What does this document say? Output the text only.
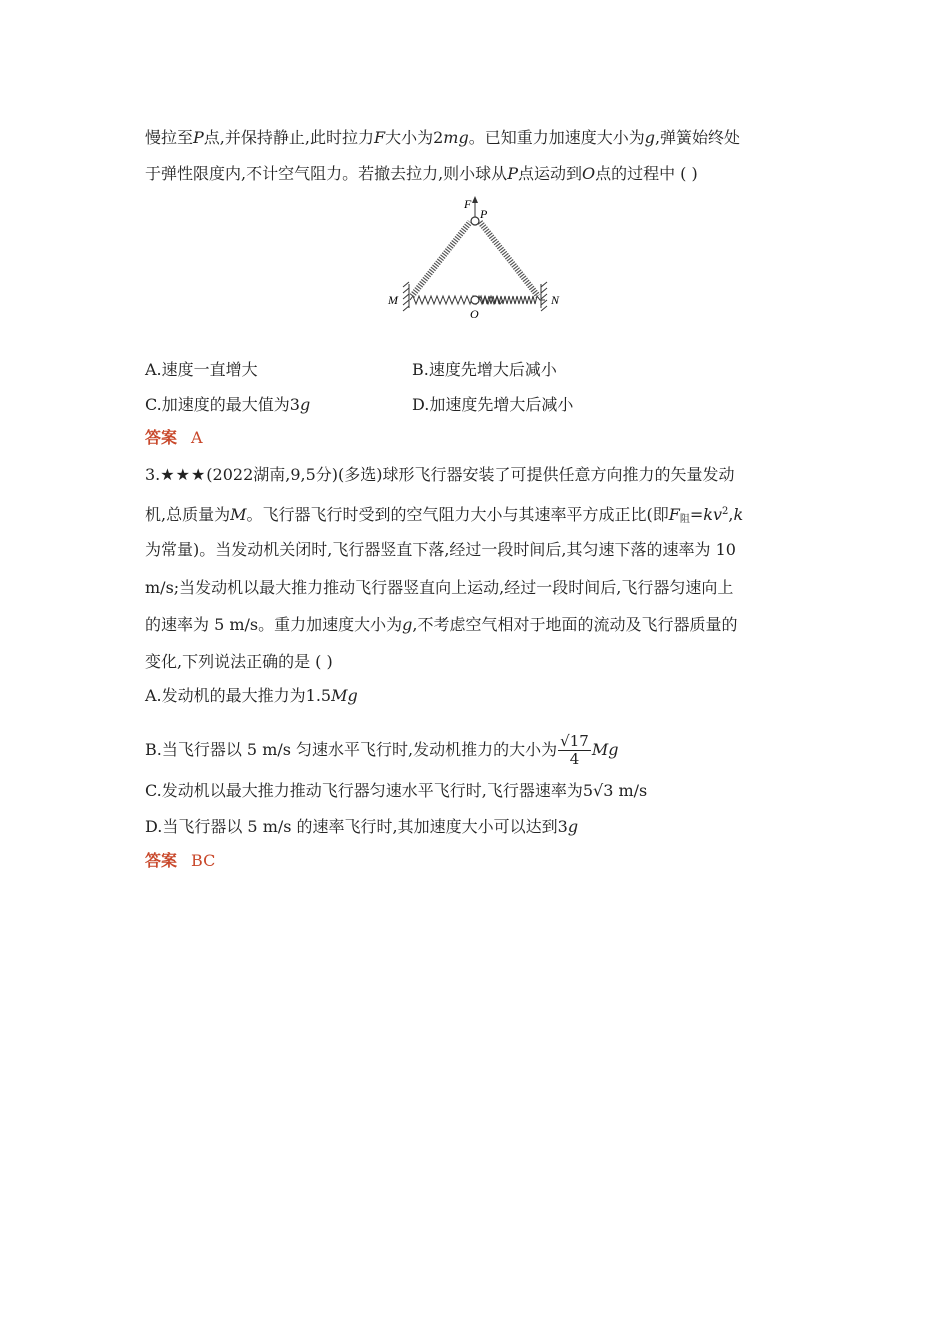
慢拉至P点,并保持静止,此时拉力F大小为2mg。已知重力加速度大小为g,弹簧始终处
于弹性限度内,不计空气阻力。若撤去拉力,则小球从P点运动到O点的过程中 ( )
F
P
M	N
O
A.速度一直增大	B.速度先增大后减小
C.加速度的最大值为3g	D.加速度先增大后减小
答案 A
3.★★★(2022湖南,9,5分)(多选)球形飞行器安装了可提供任意方向推力的矢量发动
机,总质量为M。飞行器飞行时受到的空气阻力大小与其速率平方成正比(即$F_阻=kv^2,k$
为常量)。当发动机关闭时,飞行器竖直下落,经过一段时间后,其匀速下落的速率为 10
m/s;当发动机以最大推力推动飞行器竖直向上运动,经过一段时间后,飞行器匀速向上
的速率为 5 m/s。重力加速度大小为g,不考虑空气相对于地面的流动及飞行器质量的
变化,下列说法正确的是 ( )
A.发动机的最大推力为1.5Mg
B.当飞行器以 5 m/s 匀速水平飞行时,发动机推力的大小为 $\frac{√17}{4}$ Mg
C.发动机以最大推力推动飞行器匀速水平飞行时,飞行器速率为5√3 m/s
D.当飞行器以 5 m/s 的速率飞行时,其加速度大小可以达到3g
答案 BC
